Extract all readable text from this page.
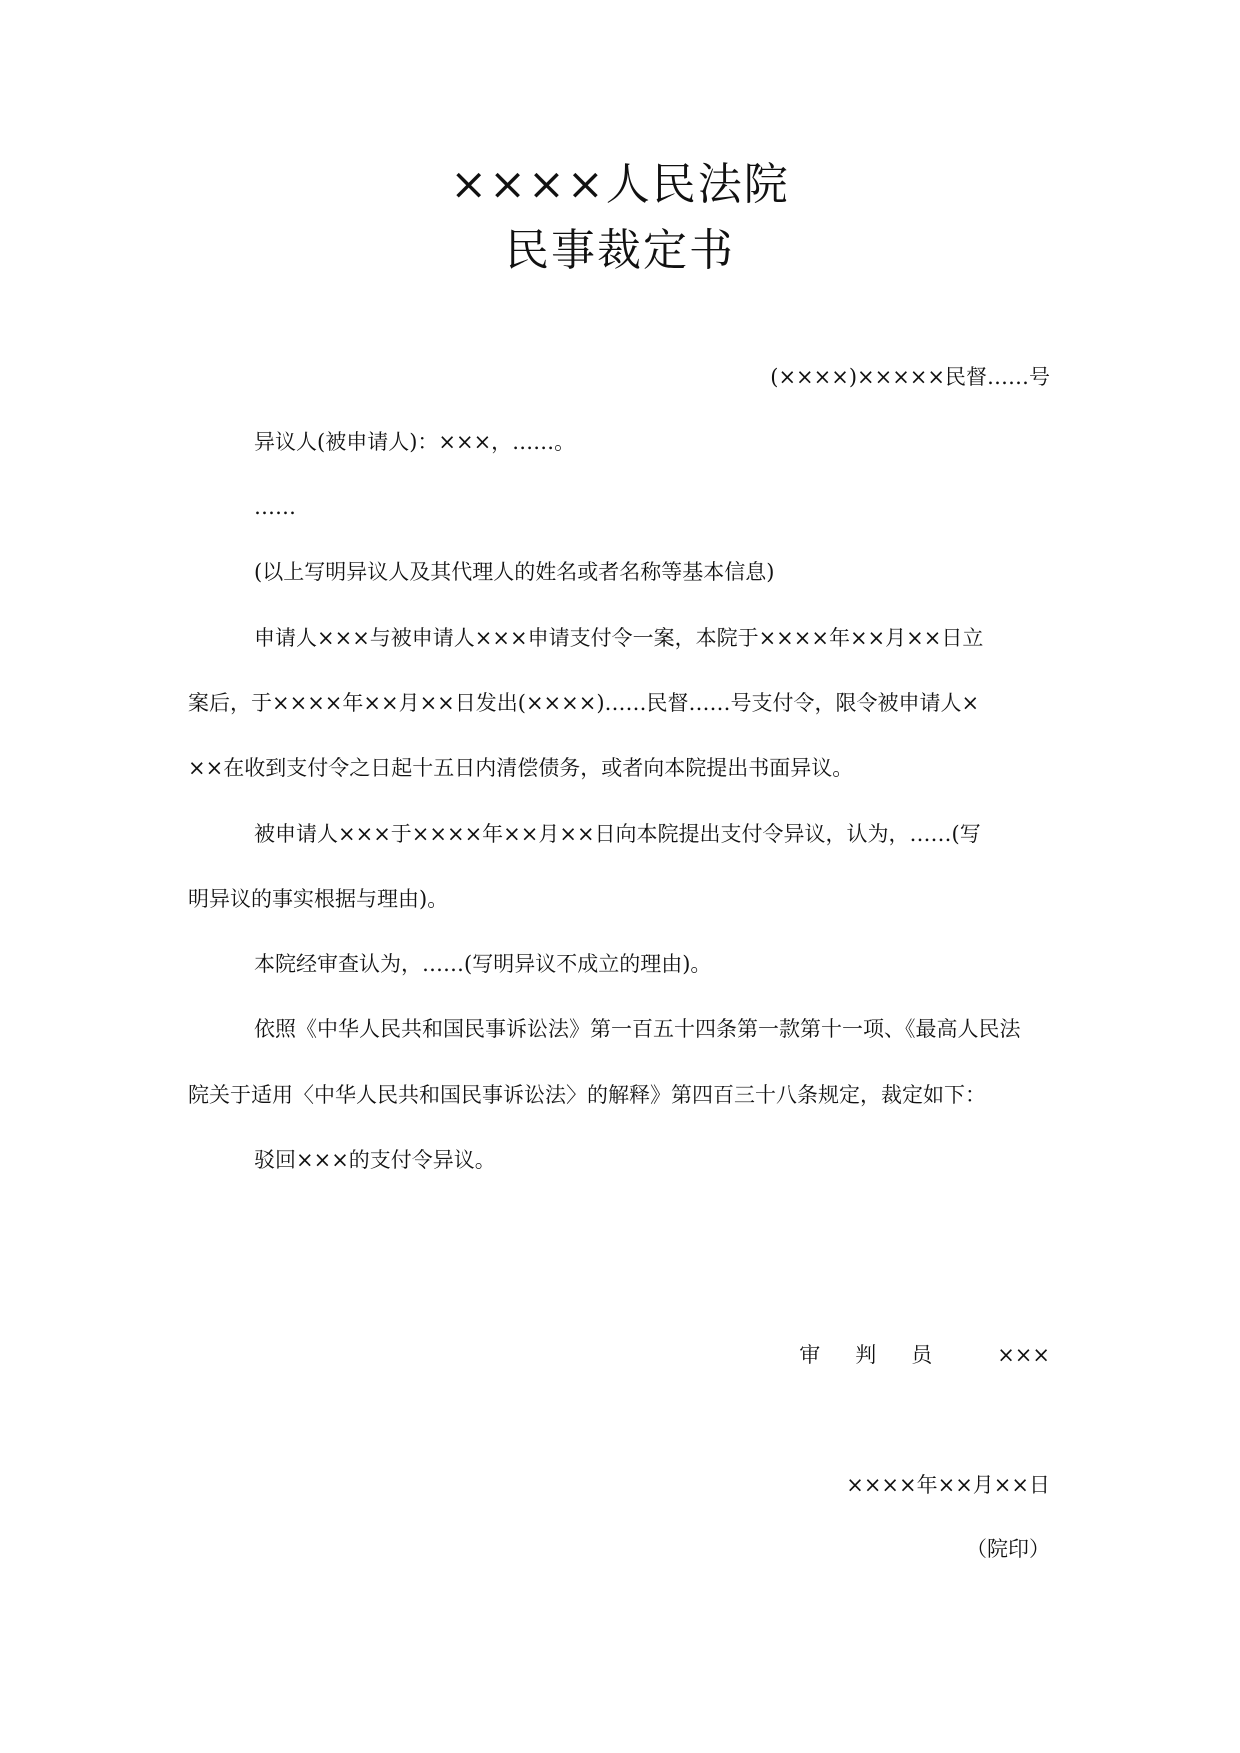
××××人民法院
民事裁定书
(××××)×××××民督……号
异议人(被申请人)：×××，……。
……
(以上写明异议人及其代理人的姓名或者名称等基本信息)
申请人×××与被申请人×××申请支付令一案，本院于××××年××月××日立
案后，于××××年××月××日发出(××××)……民督……号支付令，限令被申请人×
××在收到支付令之日起十五日内清偿债务，或者向本院提出书面异议。
被申请人×××于××××年××月××日向本院提出支付令异议，认为，……(写
明异议的事实根据与理由)。
本院经审查认为，……(写明异议不成立的理由)。
依照《中华人民共和国民事诉讼法》第一百五十四条第一款第十一项、《最高人民法
院关于适用〈中华人民共和国民事诉讼法〉的解释》第四百三十八条规定，裁定如下：
驳回×××的支付令异议。
审判员 ×××
××××年××月××日
（院印）
